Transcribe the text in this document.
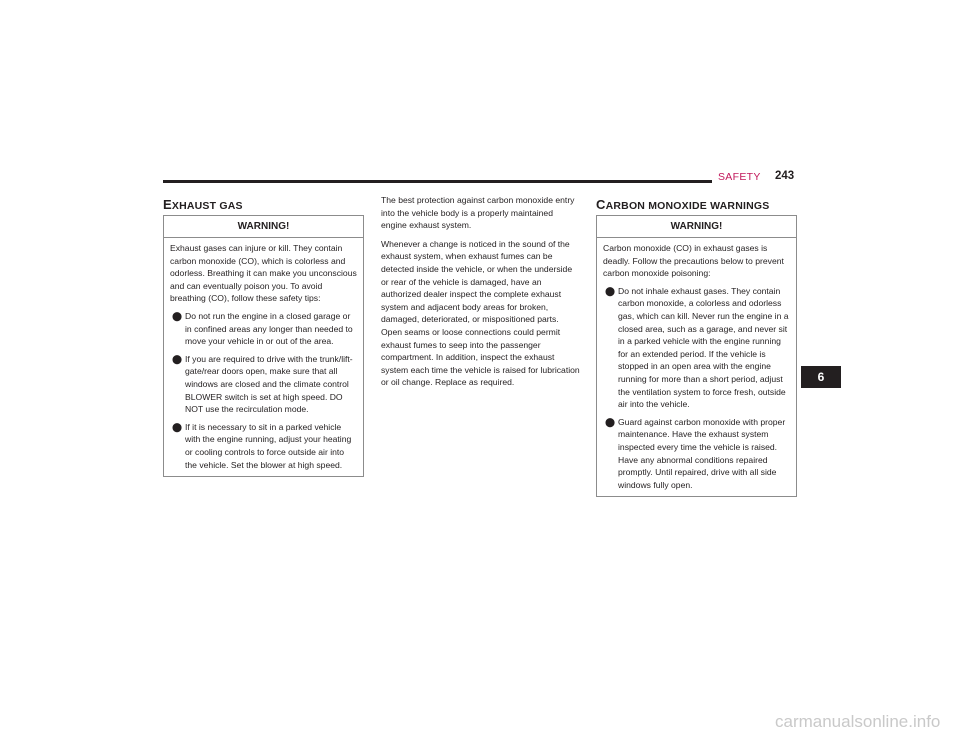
SAFETY 243
EXHAUST GAS
WARNING!

Exhaust gases can injure or kill. They contain carbon monoxide (CO), which is colorless and odorless. Breathing it can make you unconscious and can eventually poison you. To avoid breathing (CO), follow these safety tips:

⬤ Do not run the engine in a closed garage or in confined areas any longer than needed to move your vehicle in or out of the area.
⬤ If you are required to drive with the trunk/lift-gate/rear doors open, make sure that all windows are closed and the climate control BLOWER switch is set at high speed. DO NOT use the recirculation mode.
⬤ If it is necessary to sit in a parked vehicle with the engine running, adjust your heating or cooling controls to force outside air into the vehicle. Set the blower at high speed.

The best protection against carbon monoxide entry into the vehicle body is a properly maintained engine exhaust system.

Whenever a change is noticed in the sound of the exhaust system, when exhaust fumes can be detected inside the vehicle, or when the underside or rear of the vehicle is damaged, have an authorized dealer inspect the complete exhaust system and adjacent body areas for broken, damaged, deteriorated, or mispositioned parts. Open seams or loose connections could permit exhaust fumes to seep into the passenger compartment. In addition, inspect the exhaust system each time the vehicle is raised for lubrication or oil change. Replace as required.

CARBON MONOXIDE WARNINGS
WARNING!

Carbon monoxide (CO) in exhaust gases is deadly. Follow the precautions below to prevent carbon monoxide poisoning:

⬤ Do not inhale exhaust gases. They contain carbon monoxide, a colorless and odorless gas, which can kill. Never run the engine in a closed area, such as a garage, and never sit in a parked vehicle with the engine running for an extended period. If the vehicle is stopped in an open area with the engine running for more than a short period, adjust the ventilation system to force fresh, outside air into the vehicle.
⬤ Guard against carbon monoxide with proper maintenance. Have the exhaust system inspected every time the vehicle is raised. Have any abnormal conditions repaired promptly. Until repaired, drive with all side windows fully open.
6
carmanualsonline.info
